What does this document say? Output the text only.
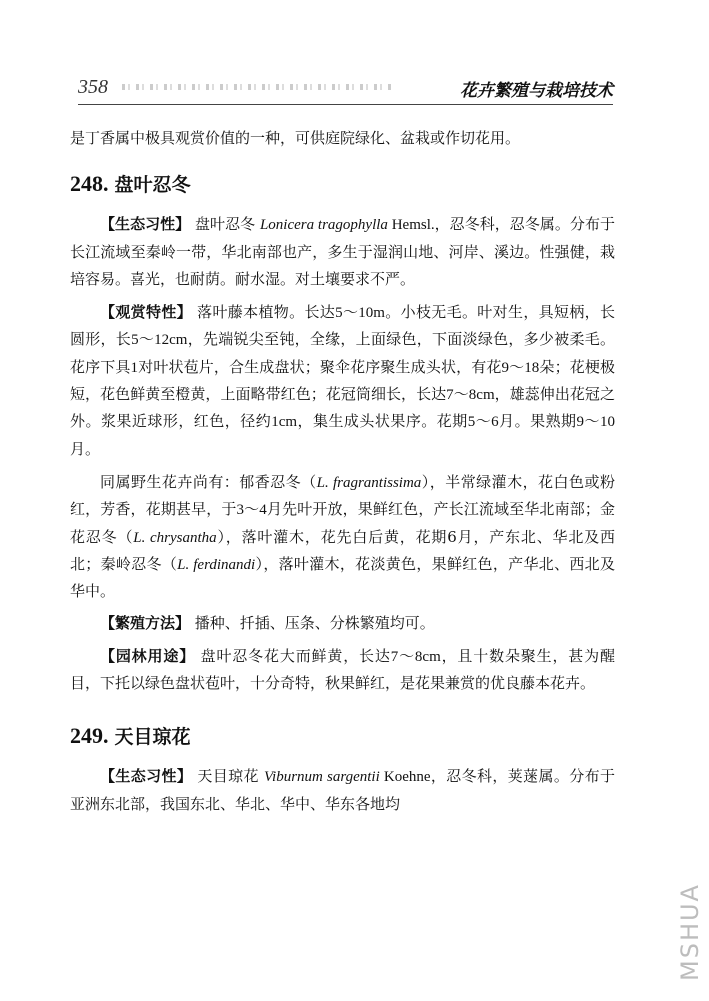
358	花卉繁殖与栽培技术

是丁香属中极具观赏价值的一种，可供庭院绿化、盆栽或作切花用。

248. 盘叶忍冬

【生态习性】 盘叶忍冬 Lonicera tragophylla Hemsl.，忍冬科，忍冬属。分布于长江流域至秦岭一带，华北南部也产，多生于湿润山地、河岸、溪边。性强健，栽培容易。喜光，也耐荫。耐水湿。对土壤要求不严。

【观赏特性】 落叶藤本植物。长达5～10m。小枝无毛。叶对生，具短柄，长圆形，长5～12cm，先端锐尖至钝，全缘，上面绿色，下面淡绿色，多少被柔毛。花序下具1对叶状苞片，合生成盘状；聚伞花序聚生成头状，有花9～18朵；花梗极短，花色鲜黄至橙黄，上面略带红色；花冠筒细长，长达7～8cm，雄蕊伸出花冠之外。浆果近球形，红色，径约1cm，集生成头状果序。花期5～6月。果熟期9～10月。

同属野生花卉尚有：郁香忍冬（L. fragrantissima），半常绿灌木，花白色或粉红，芳香，花期甚早，于3～4月先叶开放，果鲜红色，产长江流域至华北南部；金花忍冬（L. chrysantha），落叶灌木，花先白后黄，花期6月，产东北、华北及西北；秦岭忍冬（L. ferdinandi），落叶灌木，花淡黄色，果鲜红色，产华北、西北及华中。

【繁殖方法】 播种、扦插、压条、分株繁殖均可。

【园林用途】 盘叶忍冬花大而鲜黄，长达7～8cm，且十数朵聚生，甚为醒目，下托以绿色盘状苞叶，十分奇特，秋果鲜红，是花果兼赏的优良藤本花卉。

249. 天目琼花

【生态习性】 天目琼花 Viburnum sargentii Koehne，忍冬科，荚蒾属。分布于亚洲东北部，我国东北、华北、华中、华东各地均

MSHUA
